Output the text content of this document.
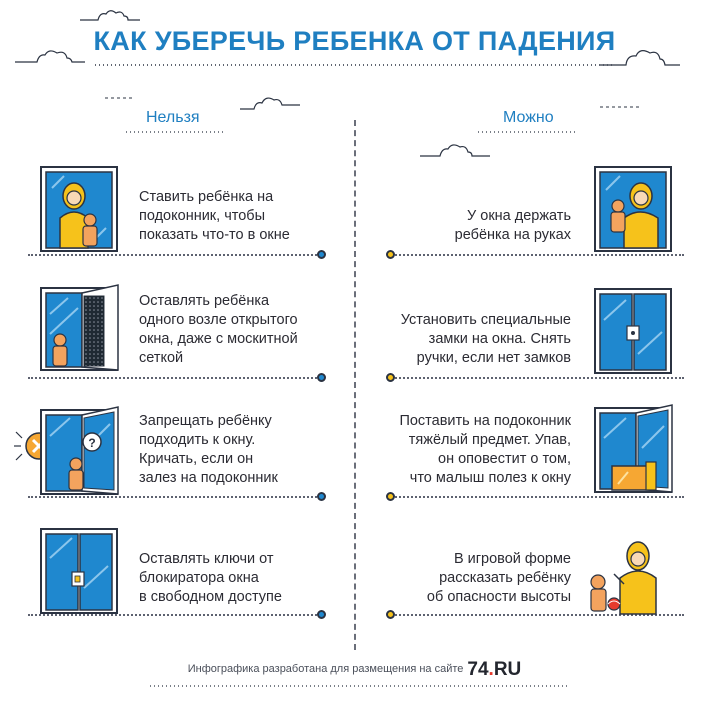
КАК УБЕРЕЧЬ РЕБЕНКА ОТ ПАДЕНИЯ
Нельзя	Можно
Ставить ребёнка на
подоконник, чтобы
показать что-то в окне
Оставлять ребёнка
одного возле открытого
окна, даже с москитной
сеткой
?
Запрещать ребёнку
подходить к окну.
Кричать, если он
залез на подоконник
Оставлять ключи от
блокиратора окна
в свободном доступе
У окна держать
ребёнка на руках
Установить специальные
замки на окна. Снять
ручки, если нет замков
Поставить на подоконник
тяжёлый предмет. Упав,
он оповестит о том,
что малыш полез к окну
В игровой форме
рассказать ребёнку
об опасности высоты
Инфографика разработана для размещения на сайте 74.RU
